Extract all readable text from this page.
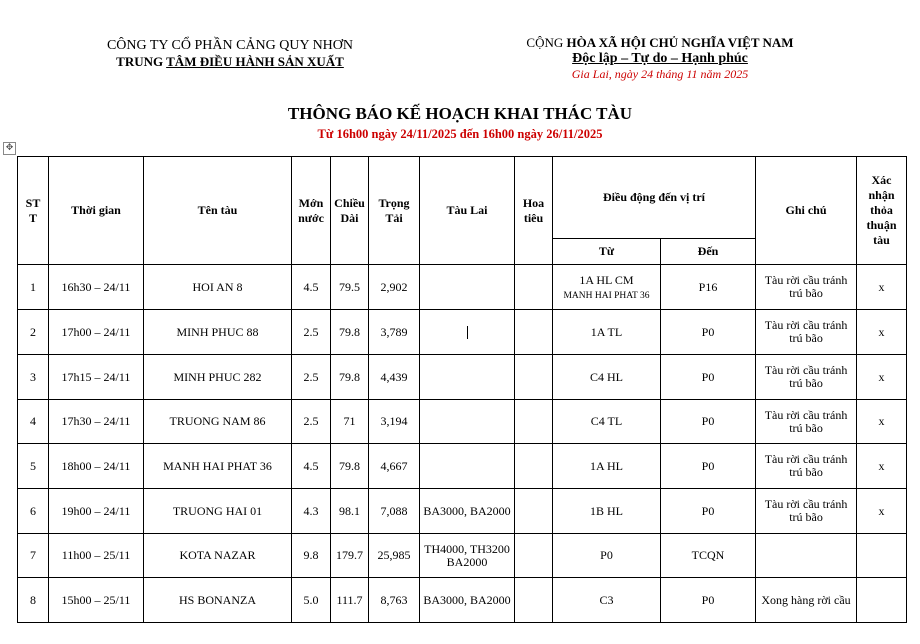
CÔNG TY CỔ PHẦN CẢNG QUY NHƠN
TRUNG TÂM ĐIỀU HÀNH SẢN XUẤT
CỘNG HÒA XÃ HỘI CHỦ NGHĨA VIỆT NAM
Độc lập – Tự do – Hạnh phúc
Gia Lai, ngày 24 tháng 11 năm 2025
THÔNG BÁO KẾ HOẠCH KHAI THÁC TÀU
Từ 16h00 ngày 24/11/2025 đến 16h00 ngày 26/11/2025
✥
ST T	Thời gian	Tên tàu	Mớn nước	Chiều Dài	Trọng Tải	Tàu Lai	Hoa tiêu	Điều động đến vị trí		Ghi chú	Xác nhận thỏa thuận tàu
								Từ	Đến		
1	16h30 – 24/11	HOI AN 8	4.5	79.5	2,902			1A HL CM
MANH HAI PHAT 36	P16	Tàu rời cầu tránh trú bão	x
2	17h00 – 24/11	MINH PHUC 88	2.5	79.8	3,789			1A TL	P0	Tàu rời cầu tránh trú bão	x
3	17h15 – 24/11	MINH PHUC 282	2.5	79.8	4,439			C4 HL	P0	Tàu rời cầu tránh trú bão	x
4	17h30 – 24/11	TRUONG NAM 86	2.5	71	3,194			C4 TL	P0	Tàu rời cầu tránh trú bão	x
5	18h00 – 24/11	MANH HAI PHAT 36	4.5	79.8	4,667			1A HL	P0	Tàu rời cầu tránh trú bão	x
6	19h00 – 24/11	TRUONG HAI 01	4.3	98.1	7,088	BA3000, BA2000		1B HL	P0	Tàu rời cầu tránh trú bão	x
7	11h00 – 25/11	KOTA NAZAR	9.8	179.7	25,985	TH4000, TH3200 BA2000		P0	TCQN		
8	15h00 – 25/11	HS BONANZA	5.0	111.7	8,763	BA3000, BA2000		C3	P0	Xong hàng rời cầu	
